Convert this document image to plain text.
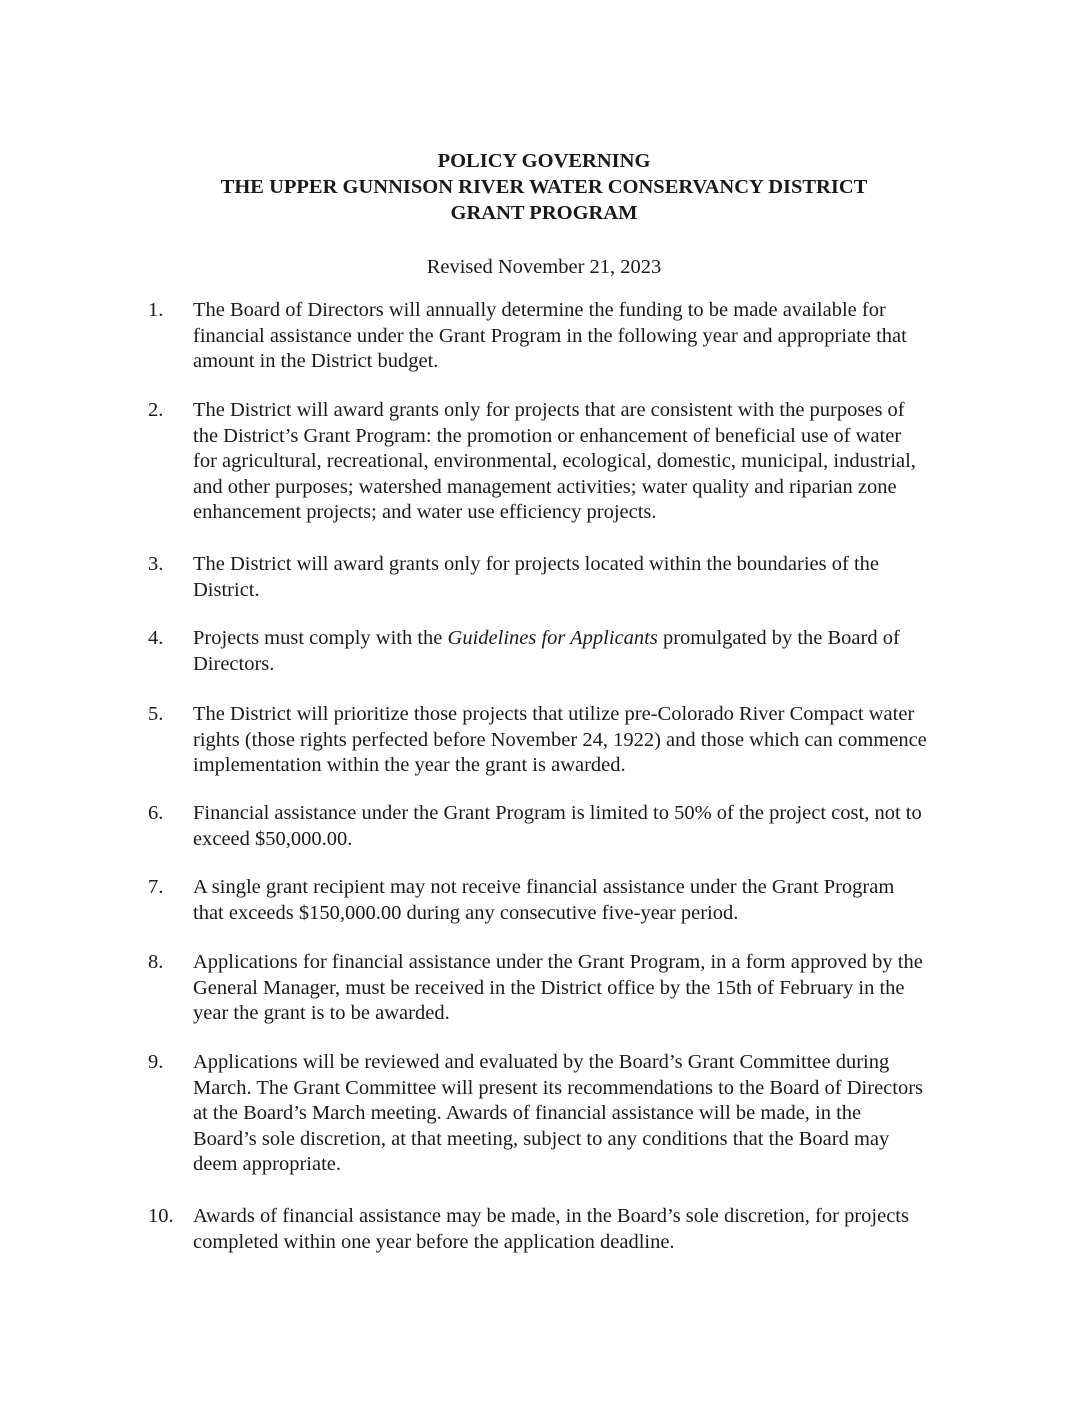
POLICY GOVERNING
THE UPPER GUNNISON RIVER WATER CONSERVANCY DISTRICT
GRANT PROGRAM
Revised November 21, 2023
1.	The Board of Directors will annually determine the funding to be made available for
financial assistance under the Grant Program in the following year and appropriate that
amount in the District budget.
2.	The District will award grants only for projects that are consistent with the purposes of
the District’s Grant Program: the promotion or enhancement of beneficial use of water
for agricultural, recreational, environmental, ecological, domestic, municipal, industrial,
and other purposes; watershed management activities; water quality and riparian zone
enhancement projects; and water use efficiency projects.
3.	The District will award grants only for projects located within the boundaries of the
District.
4.	Projects must comply with the Guidelines for Applicants promulgated by the Board of
Directors.
5.	The District will prioritize those projects that utilize pre-Colorado River Compact water
rights (those rights perfected before November 24, 1922) and those which can commence
implementation within the year the grant is awarded.
6.	Financial assistance under the Grant Program is limited to 50% of the project cost, not to
exceed $50,000.00.
7.	A single grant recipient may not receive financial assistance under the Grant Program
that exceeds $150,000.00 during any consecutive five-year period.
8.	Applications for financial assistance under the Grant Program, in a form approved by the
General Manager, must be received in the District office by the 15th of February in the
year the grant is to be awarded.
9.	Applications will be reviewed and evaluated by the Board’s Grant Committee during
March. The Grant Committee will present its recommendations to the Board of Directors
at the Board’s March meeting. Awards of financial assistance will be made, in the
Board’s sole discretion, at that meeting, subject to any conditions that the Board may
deem appropriate.
10. Awards of financial assistance may be made, in the Board’s sole discretion, for projects
completed within one year before the application deadline.
